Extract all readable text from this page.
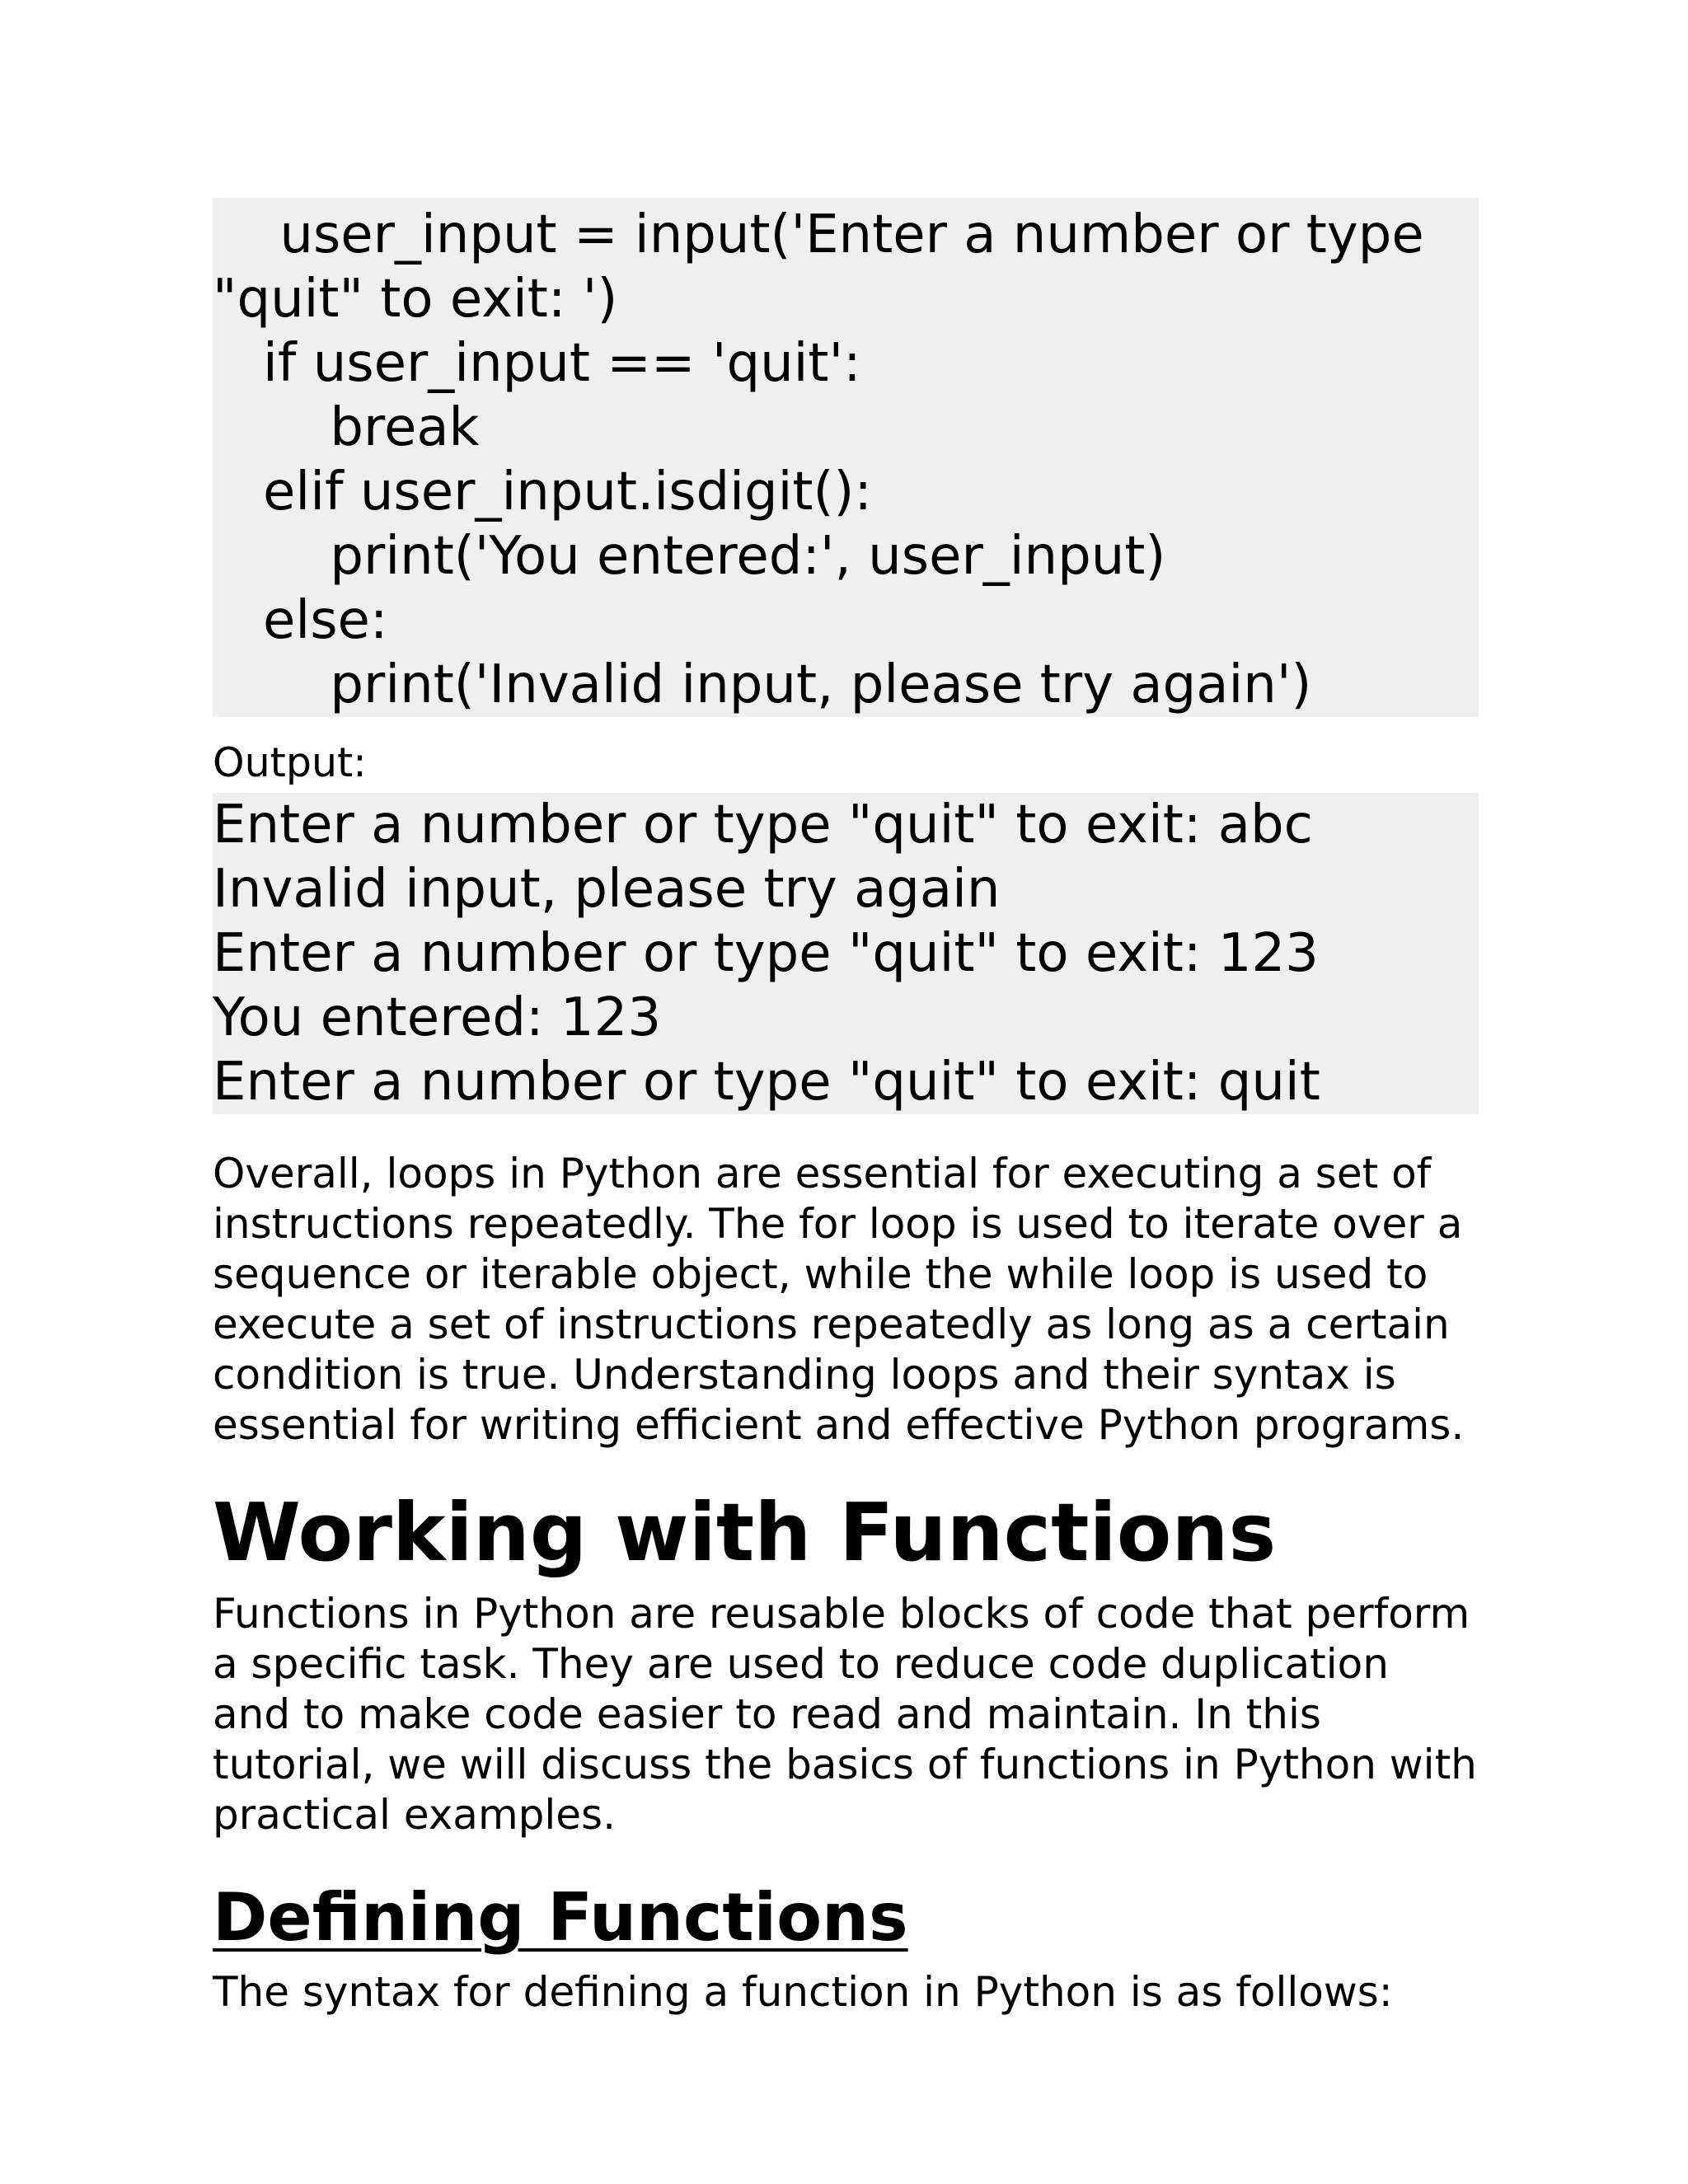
user_input = input('Enter a number or type "quit" to exit: ')
if user_input == 'quit':
break
elif user_input.isdigit():
print('You entered:', user_input)
else:
print('Invalid input, please try again')
Output:
Enter a number or type "quit" to exit: abc
Invalid input, please try again
Enter a number or type "quit" to exit: 123
You entered: 123
Enter a number or type "quit" to exit: quit

Overall, loops in Python are essential for executing a set of instructions repeatedly. The for loop is used to iterate over a sequence or iterable object, while the while loop is used to execute a set of instructions repeatedly as long as a certain condition is true. Understanding loops and their syntax is essential for writing efficient and effective Python programs.

Working with Functions

Functions in Python are reusable blocks of code that perform a specific task. They are used to reduce code duplication and to make code easier to read and maintain. In this tutorial, we will discuss the basics of functions in Python with practical examples.

Defining Functions

The syntax for defining a function in Python is as follows:
